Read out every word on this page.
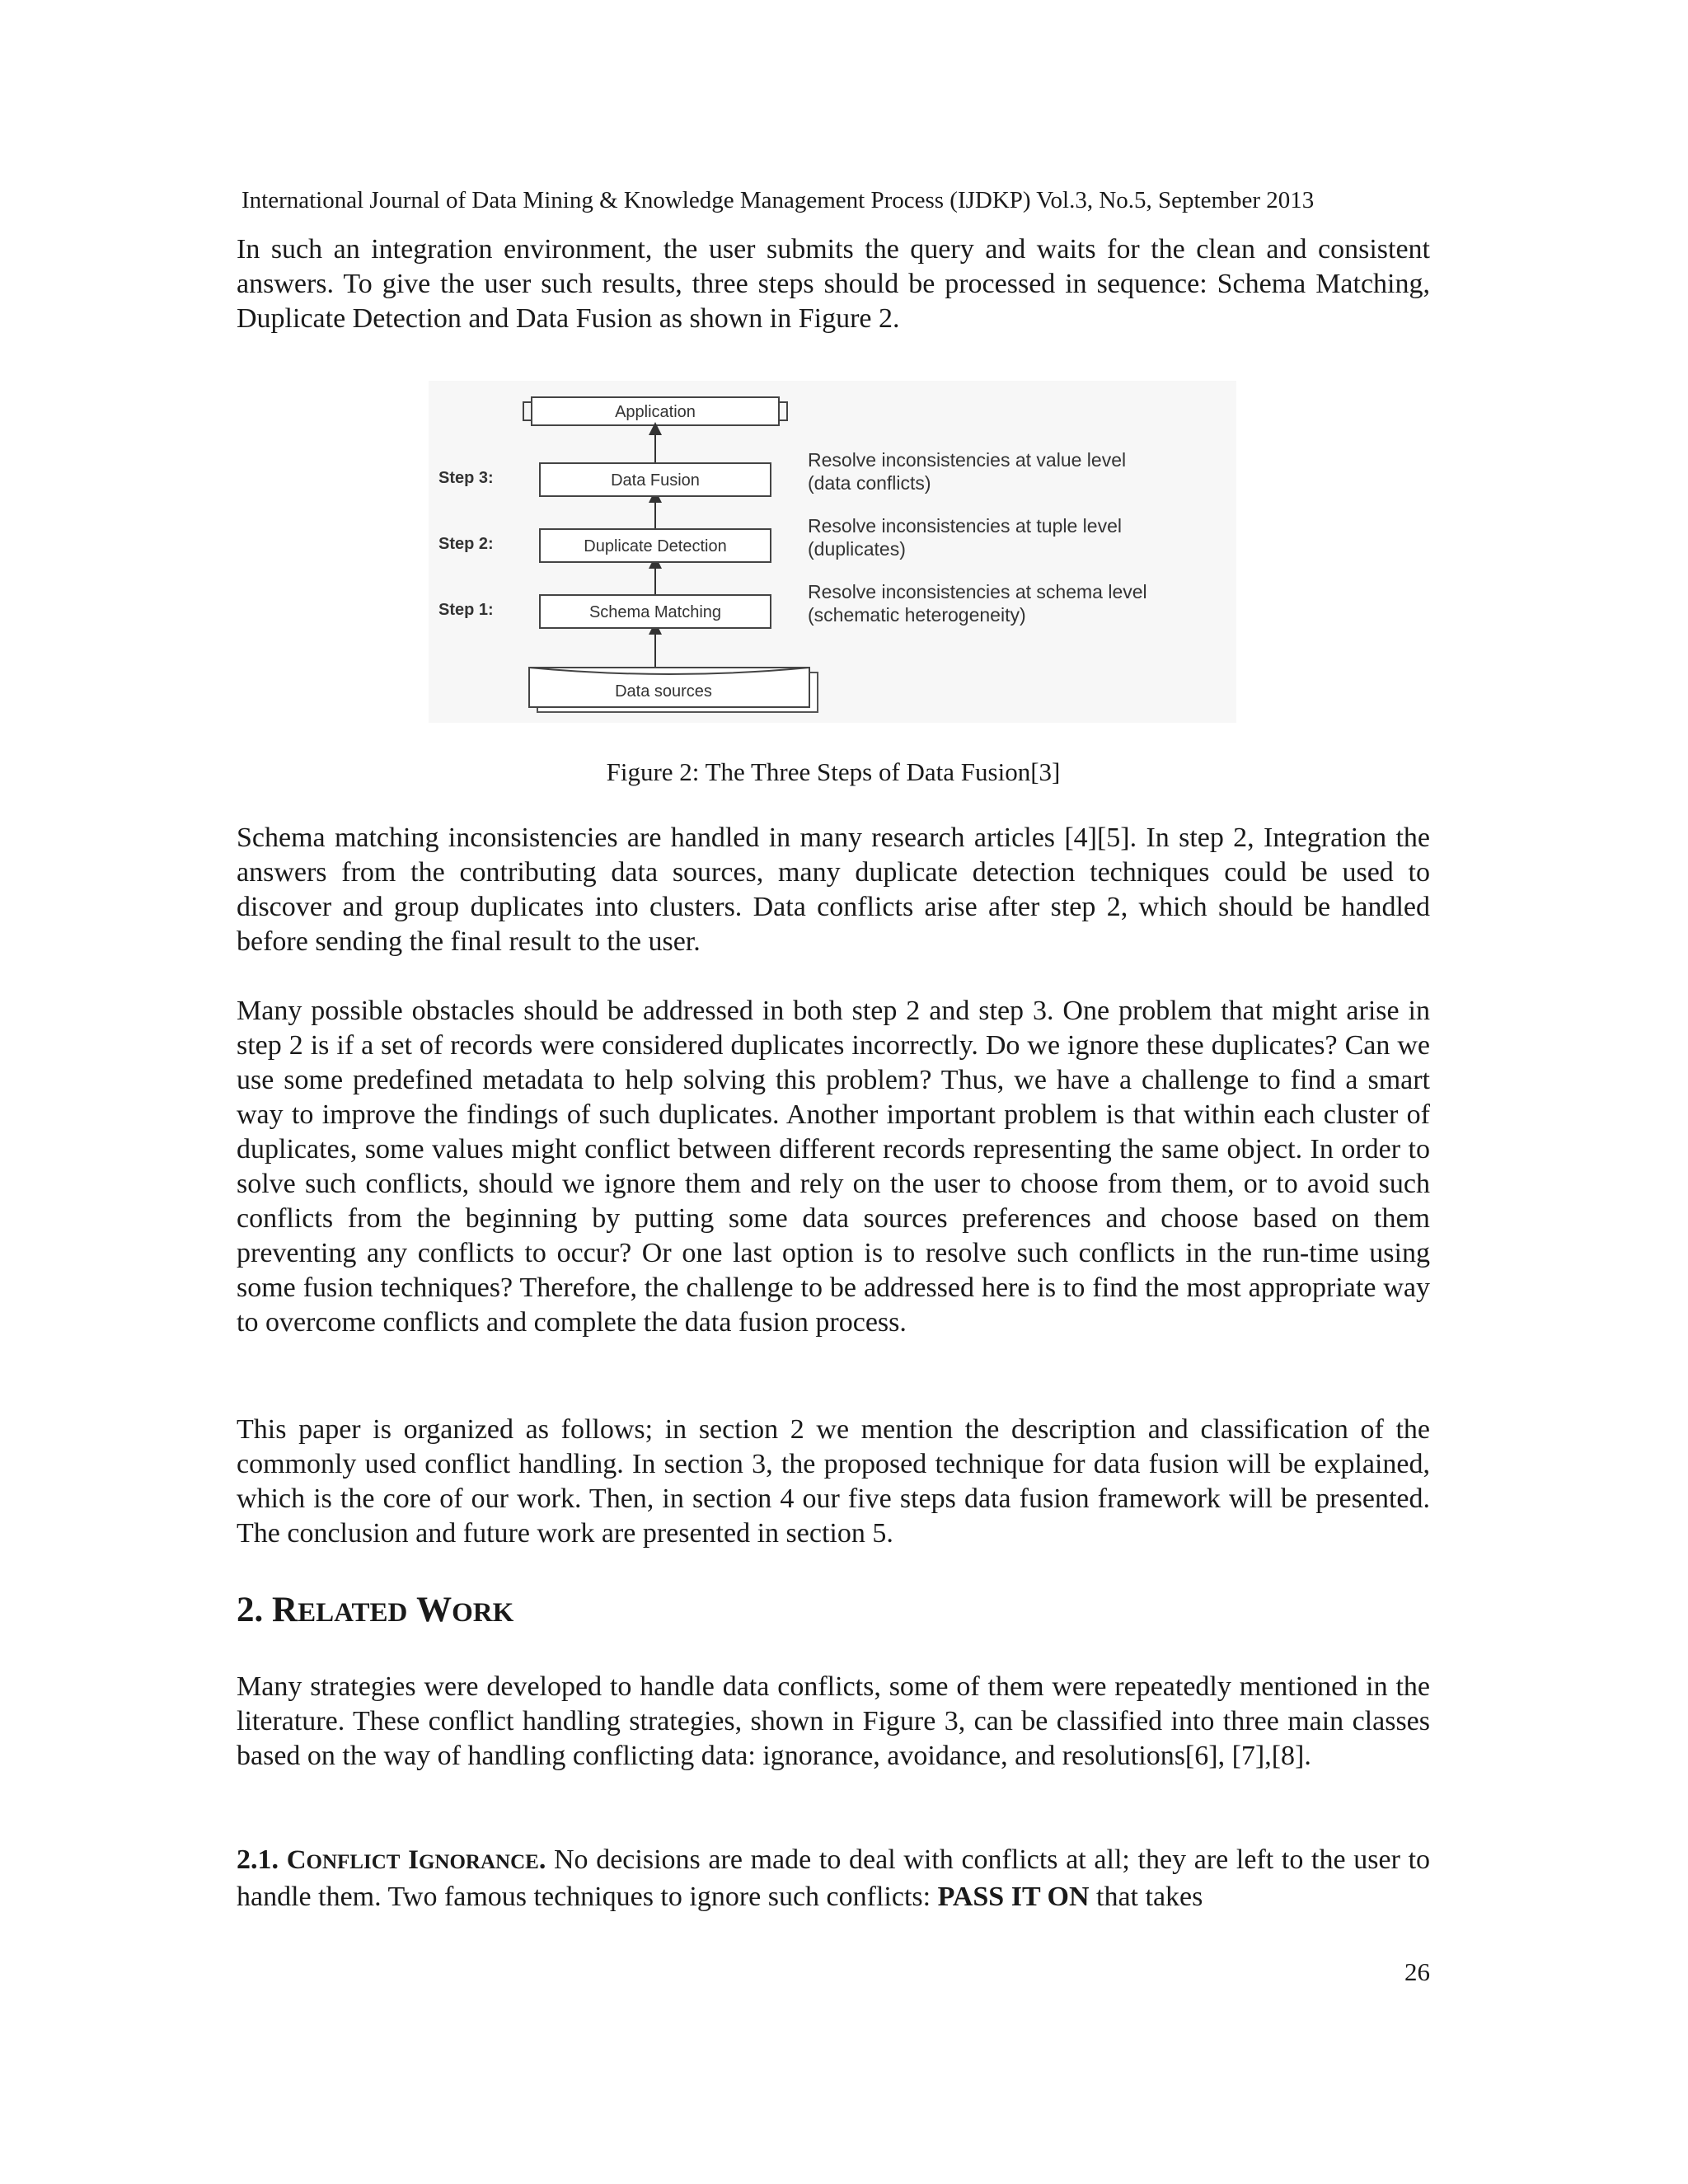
International Journal of Data Mining & Knowledge Management Process (IJDKP) Vol.3, No.5, September 2013

In such an integration environment, the user submits the query and waits for the clean and consistent answers. To give the user such results, three steps should be processed in sequence: Schema Matching, Duplicate Detection and Data Fusion as shown in Figure 2.

Application
Step 3:	Data Fusion
Resolve inconsistencies at value level
(data conflicts)
Step 2:	Duplicate Detection
Resolve inconsistencies at tuple level
(duplicates)
Step 1:	Schema Matching
Resolve inconsistencies at schema level
(schematic heterogeneity)
Data sources
Figure 2: The Three Steps of Data Fusion[3]

Schema matching inconsistencies are handled in many research articles [4][5]. In step 2, Integration the answers from the contributing data sources, many duplicate detection techniques could be used to discover and group duplicates into clusters. Data conflicts arise after step 2, which should be handled before sending the final result to the user.

Many possible obstacles should be addressed in both step 2 and step 3. One problem that might arise in step 2 is if a set of records were considered duplicates incorrectly. Do we ignore these duplicates? Can we use some predefined metadata to help solving this problem? Thus, we have a challenge to find a smart way to improve the findings of such duplicates. Another important problem is that within each cluster of duplicates, some values might conflict between different records representing the same object. In order to solve such conflicts, should we ignore them and rely on the user to choose from them, or to avoid such conflicts from the beginning by putting some data sources preferences and choose based on them preventing any conflicts to occur? Or one last option is to resolve such conflicts in the run-time using some fusion techniques? Therefore, the challenge to be addressed here is to find the most appropriate way to overcome conflicts and complete the data fusion process.

This paper is organized as follows; in section 2 we mention the description and classification of the commonly used conflict handling. In section 3, the proposed technique for data fusion will be explained, which is the core of our work. Then, in section 4 our five steps data fusion framework will be presented. The conclusion and future work are presented in section 5.

2. RELATED WORK

Many strategies were developed to handle data conflicts, some of them were repeatedly mentioned in the literature. These conflict handling strategies, shown in Figure 3, can be classified into three main classes based on the way of handling conflicting data: ignorance, avoidance, and resolutions[6], [7],[8].

2.1. CONFLICT IGNORANCE. No decisions are made to deal with conflicts at all; they are left to the user to handle them. Two famous techniques to ignore such conflicts: PASS IT ON that takes

26
